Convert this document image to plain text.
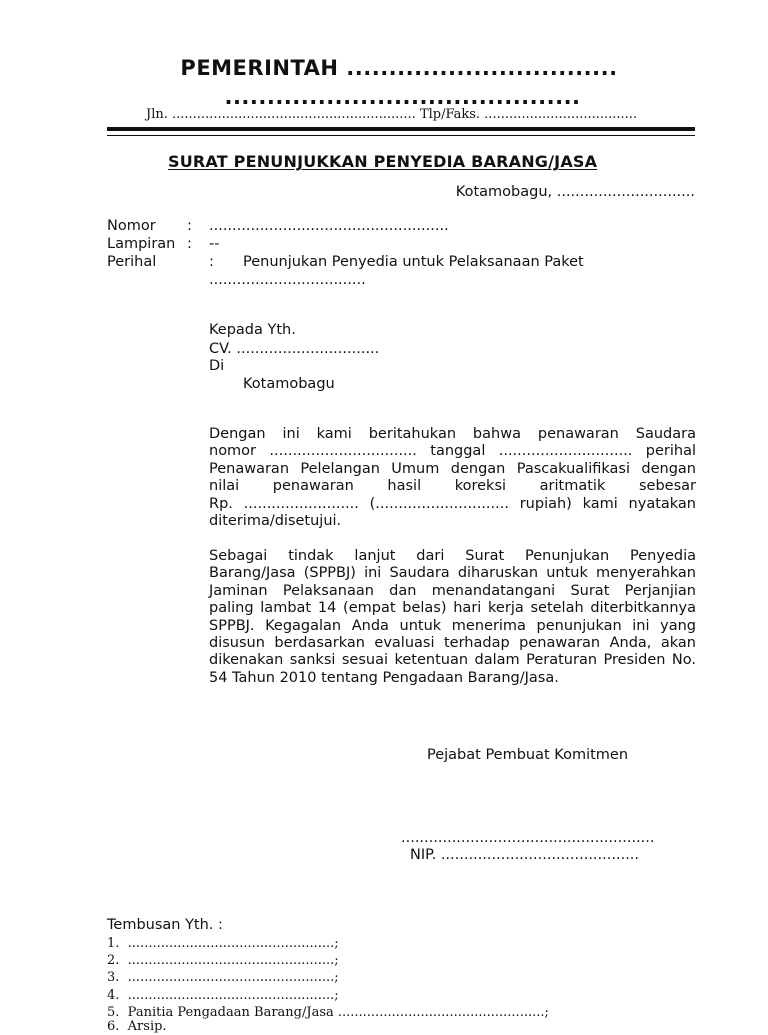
PEMERINTAH ................................
..........................................
Jln. ........................................................... Tlp/Faks. .....................................
SURAT PENUNJUKKAN PENYEDIA BARANG/JASA
Kotamobagu, ..............................
Nomor : ....................................................
Lampiran : --
Perihal	: Penunjukan Penyedia untuk Pelaksanaan Paket
..................................
Kepada Yth.
CV. ...............................
Di
Kotamobagu
Dengan ini kami beritahukan bahwa penawaran Saudara
nomor ................................ tanggal ............................. perihal
Penawaran Pelelangan Umum dengan Pascakualifikasi dengan
nilai penawaran hasil koreksi aritmatik sebesar
Rp. ......................... (............................. rupiah) kami nyatakan
diterima/disetujui.
Sebagai tindak lanjut dari Surat Penunjukan Penyedia
Barang/Jasa (SPPBJ) ini Saudara diharuskan untuk menyerahkan
Jaminan Pelaksanaan dan menandatangani Surat Perjanjian
paling lambat 14 (empat belas) hari kerja setelah diterbitkannya
SPPBJ. Kegagalan Anda untuk menerima penunjukan ini yang
disusun berdasarkan evaluasi terhadap penawaran Anda, akan
dikenakan sanksi sesuai ketentuan dalam Peraturan Presiden No.
54 Tahun 2010 tentang Pengadaan Barang/Jasa.
Pejabat Pembuat Komitmen
.......................................................
NIP. ...........................................
Tembusan Yth. :
1. ..................................................;
2. ..................................................;
3. ..................................................;
4. ..................................................;
5. Panitia Pengadaan Barang/Jasa ..................................................;
6. Arsip.
